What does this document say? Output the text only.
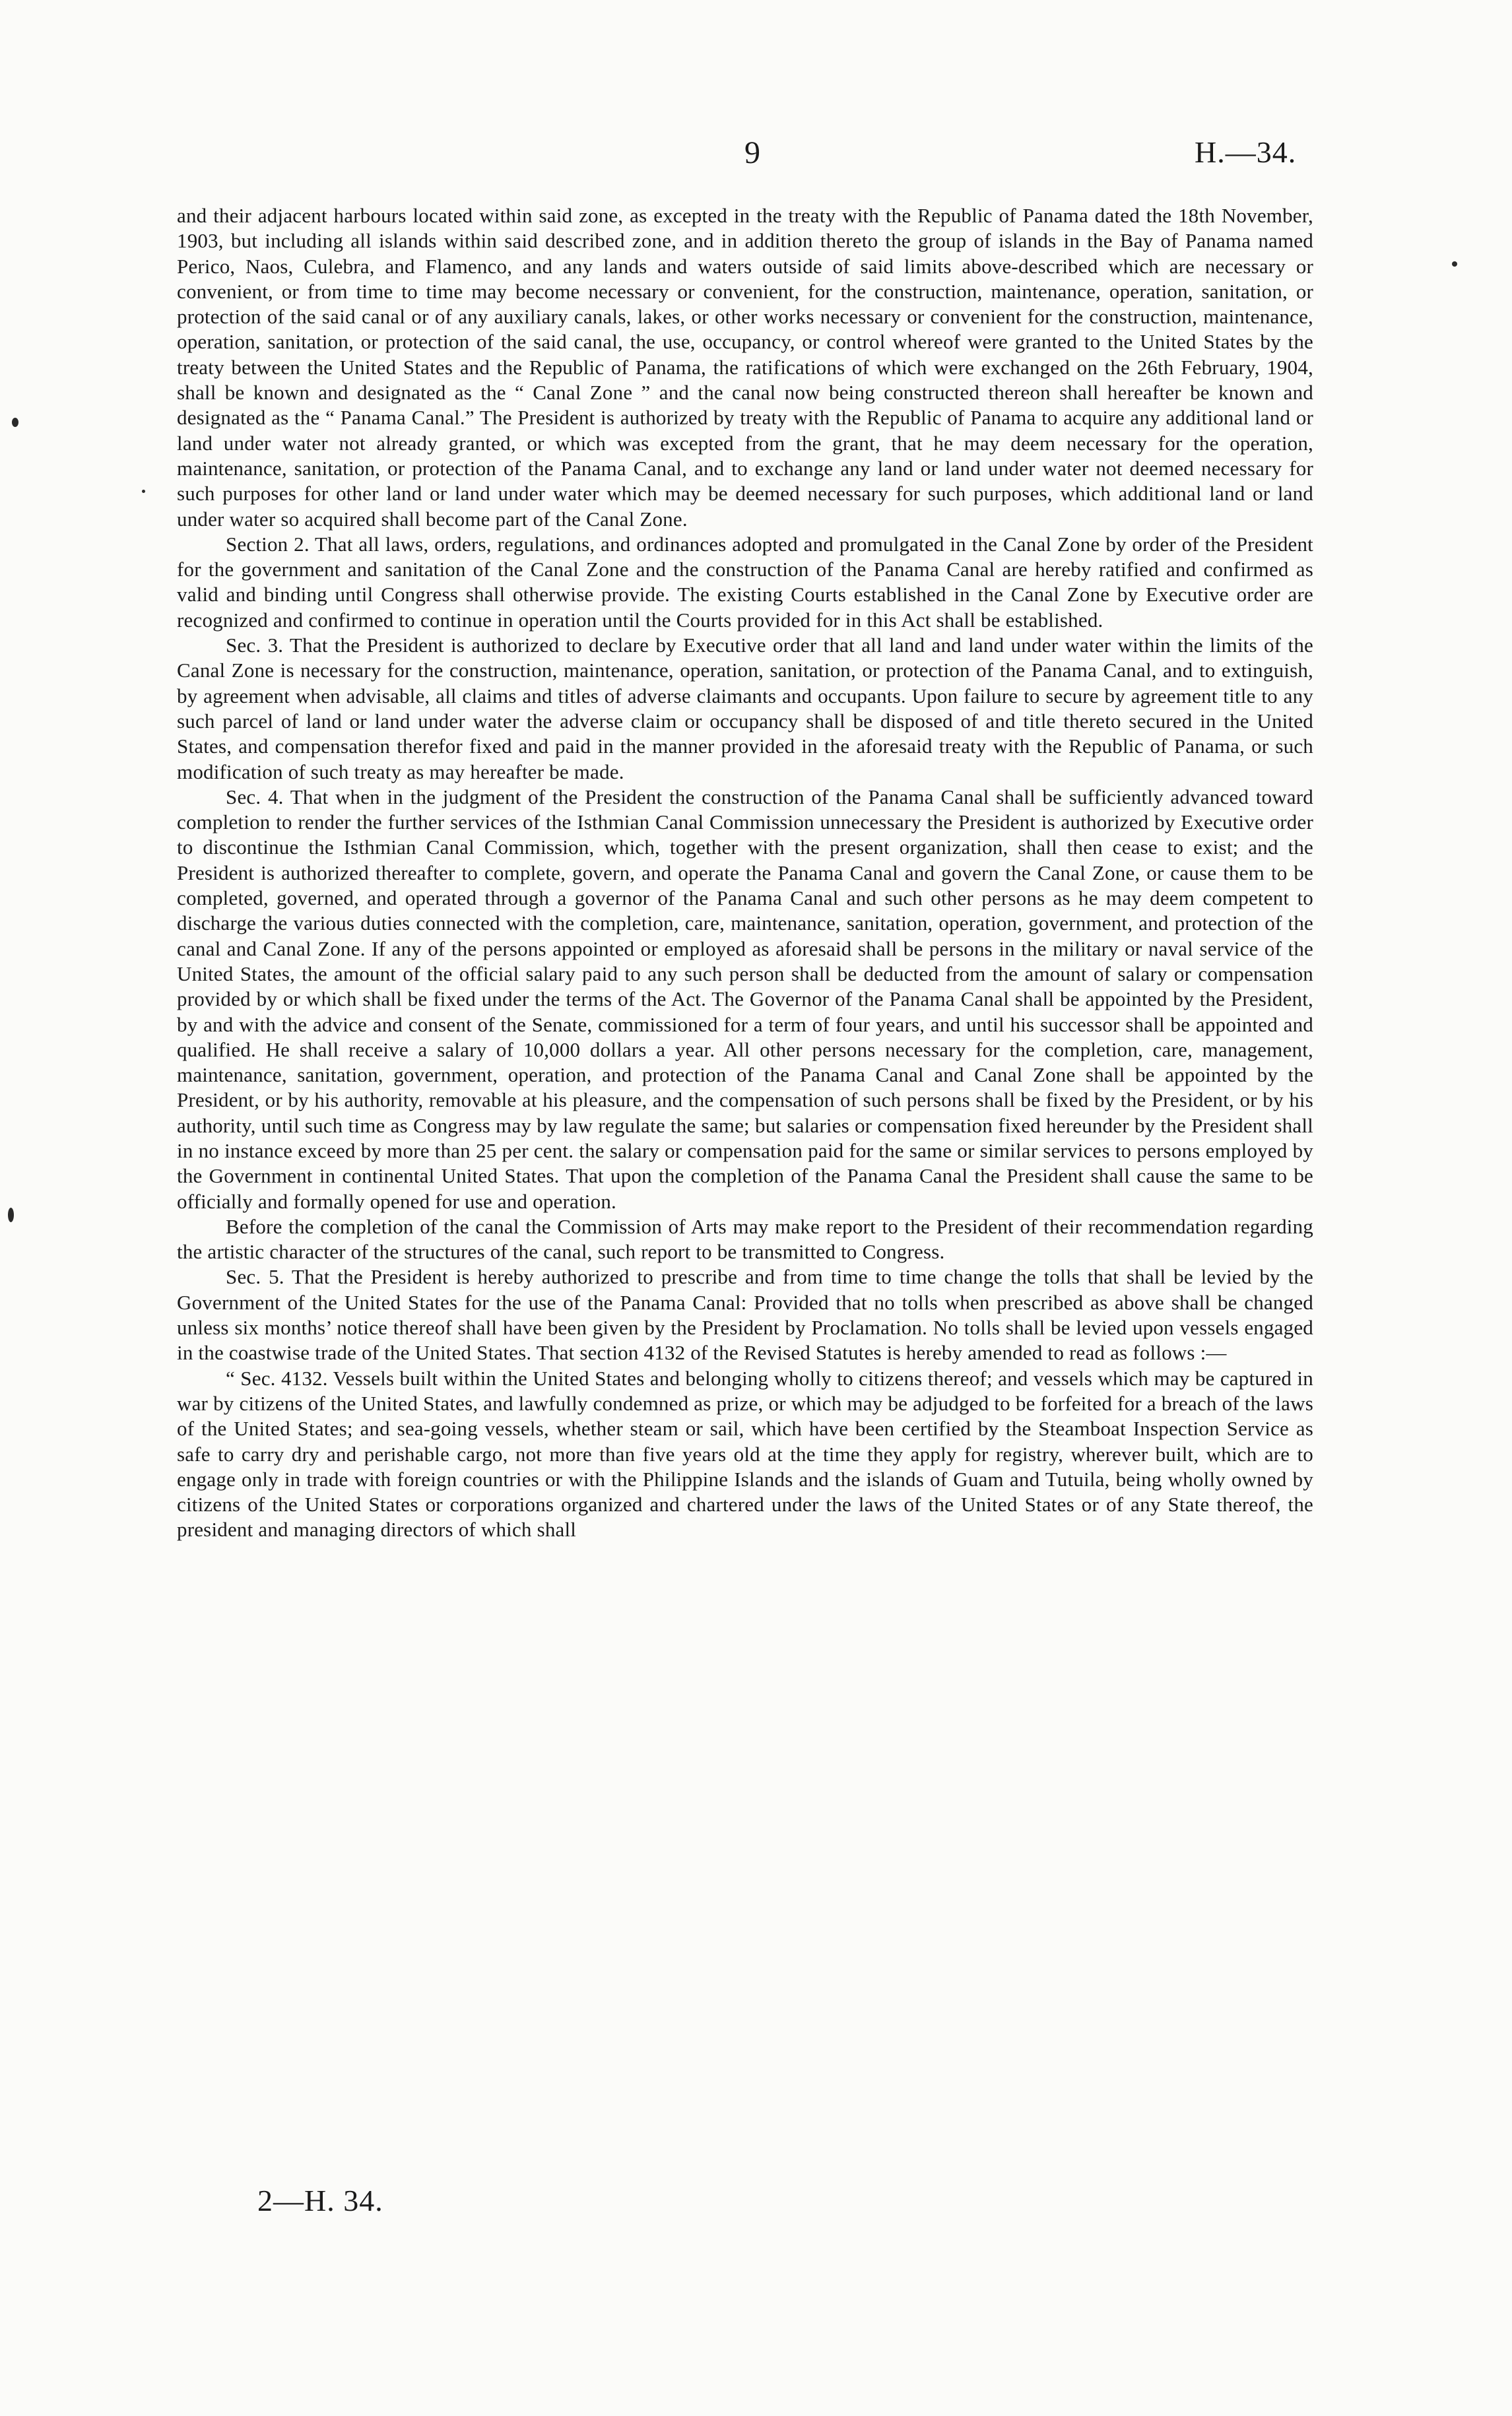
9	H.—34.

and their adjacent harbours located within said zone, as excepted in the treaty with the Republic of Panama dated the 18th November, 1903, but including all islands within said described zone, and in addition thereto the group of islands in the Bay of Panama named Perico, Naos, Culebra, and Flamenco, and any lands and waters outside of said limits above-described which are necessary or convenient, or from time to time may become necessary or convenient, for the construction, maintenance, operation, sanitation, or protection of the said canal or of any auxiliary canals, lakes, or other works necessary or convenient for the construction, maintenance, operation, sanitation, or protection of the said canal, the use, occupancy, or control whereof were granted to the United States by the treaty between the United States and the Republic of Panama, the ratifications of which were exchanged on the 26th February, 1904, shall be known and designated as the “ Canal Zone ” and the canal now being constructed thereon shall hereafter be known and designated as the “ Panama Canal.” The President is authorized by treaty with the Republic of Panama to acquire any additional land or land under water not already granted, or which was excepted from the grant, that he may deem necessary for the operation, maintenance, sanitation, or protection of the Panama Canal, and to exchange any land or land under water not deemed necessary for such purposes for other land or land under water which may be deemed necessary for such purposes, which additional land or land under water so acquired shall become part of the Canal Zone.

Section 2. That all laws, orders, regulations, and ordinances adopted and promulgated in the Canal Zone by order of the President for the government and sanitation of the Canal Zone and the construction of the Panama Canal are hereby ratified and confirmed as valid and binding until Congress shall otherwise provide. The existing Courts established in the Canal Zone by Executive order are recognized and confirmed to continue in operation until the Courts provided for in this Act shall be established.

Sec. 3. That the President is authorized to declare by Executive order that all land and land under water within the limits of the Canal Zone is necessary for the construction, maintenance, operation, sanitation, or protection of the Panama Canal, and to extinguish, by agreement when advisable, all claims and titles of adverse claimants and occupants. Upon failure to secure by agreement title to any such parcel of land or land under water the adverse claim or occupancy shall be disposed of and title thereto secured in the United States, and compensation therefor fixed and paid in the manner provided in the aforesaid treaty with the Republic of Panama, or such modification of such treaty as may hereafter be made.

Sec. 4. That when in the judgment of the President the construction of the Panama Canal shall be sufficiently advanced toward completion to render the further services of the Isthmian Canal Commission unnecessary the President is authorized by Executive order to discontinue the Isthmian Canal Commission, which, together with the present organization, shall then cease to exist; and the President is authorized thereafter to complete, govern, and operate the Panama Canal and govern the Canal Zone, or cause them to be completed, governed, and operated through a governor of the Panama Canal and such other persons as he may deem competent to discharge the various duties connected with the completion, care, maintenance, sanitation, operation, government, and protection of the canal and Canal Zone. If any of the persons appointed or employed as aforesaid shall be persons in the military or naval service of the United States, the amount of the official salary paid to any such person shall be deducted from the amount of salary or compensation provided by or which shall be fixed under the terms of the Act. The Governor of the Panama Canal shall be appointed by the President, by and with the advice and consent of the Senate, commissioned for a term of four years, and until his successor shall be appointed and qualified. He shall receive a salary of 10,000 dollars a year. All other persons necessary for the completion, care, management, maintenance, sanitation, government, operation, and protection of the Panama Canal and Canal Zone shall be appointed by the President, or by his authority, removable at his pleasure, and the compensation of such persons shall be fixed by the President, or by his authority, until such time as Congress may by law regulate the same; but salaries or compensation fixed hereunder by the President shall in no instance exceed by more than 25 per cent. the salary or compensation paid for the same or similar services to persons employed by the Government in continental United States. That upon the completion of the Panama Canal the President shall cause the same to be officially and formally opened for use and operation.

Before the completion of the canal the Commission of Arts may make report to the President of their recommendation regarding the artistic character of the structures of the canal, such report to be transmitted to Congress.

Sec. 5. That the President is hereby authorized to prescribe and from time to time change the tolls that shall be levied by the Government of the United States for the use of the Panama Canal: Provided that no tolls when prescribed as above shall be changed unless six months’ notice thereof shall have been given by the President by Proclamation. No tolls shall be levied upon vessels engaged in the coastwise trade of the United States. That section 4132 of the Revised Statutes is hereby amended to read as follows :—

“ Sec. 4132. Vessels built within the United States and belonging wholly to citizens thereof; and vessels which may be captured in war by citizens of the United States, and lawfully condemned as prize, or which may be adjudged to be forfeited for a breach of the laws of the United States; and sea-going vessels, whether steam or sail, which have been certified by the Steamboat Inspection Service as safe to carry dry and perishable cargo, not more than five years old at the time they apply for registry, wherever built, which are to engage only in trade with foreign countries or with the Philippine Islands and the islands of Guam and Tutuila, being wholly owned by citizens of the United States or corporations organized and chartered under the laws of the United States or of any State thereof, the president and managing directors of which shall

2—H. 34.
